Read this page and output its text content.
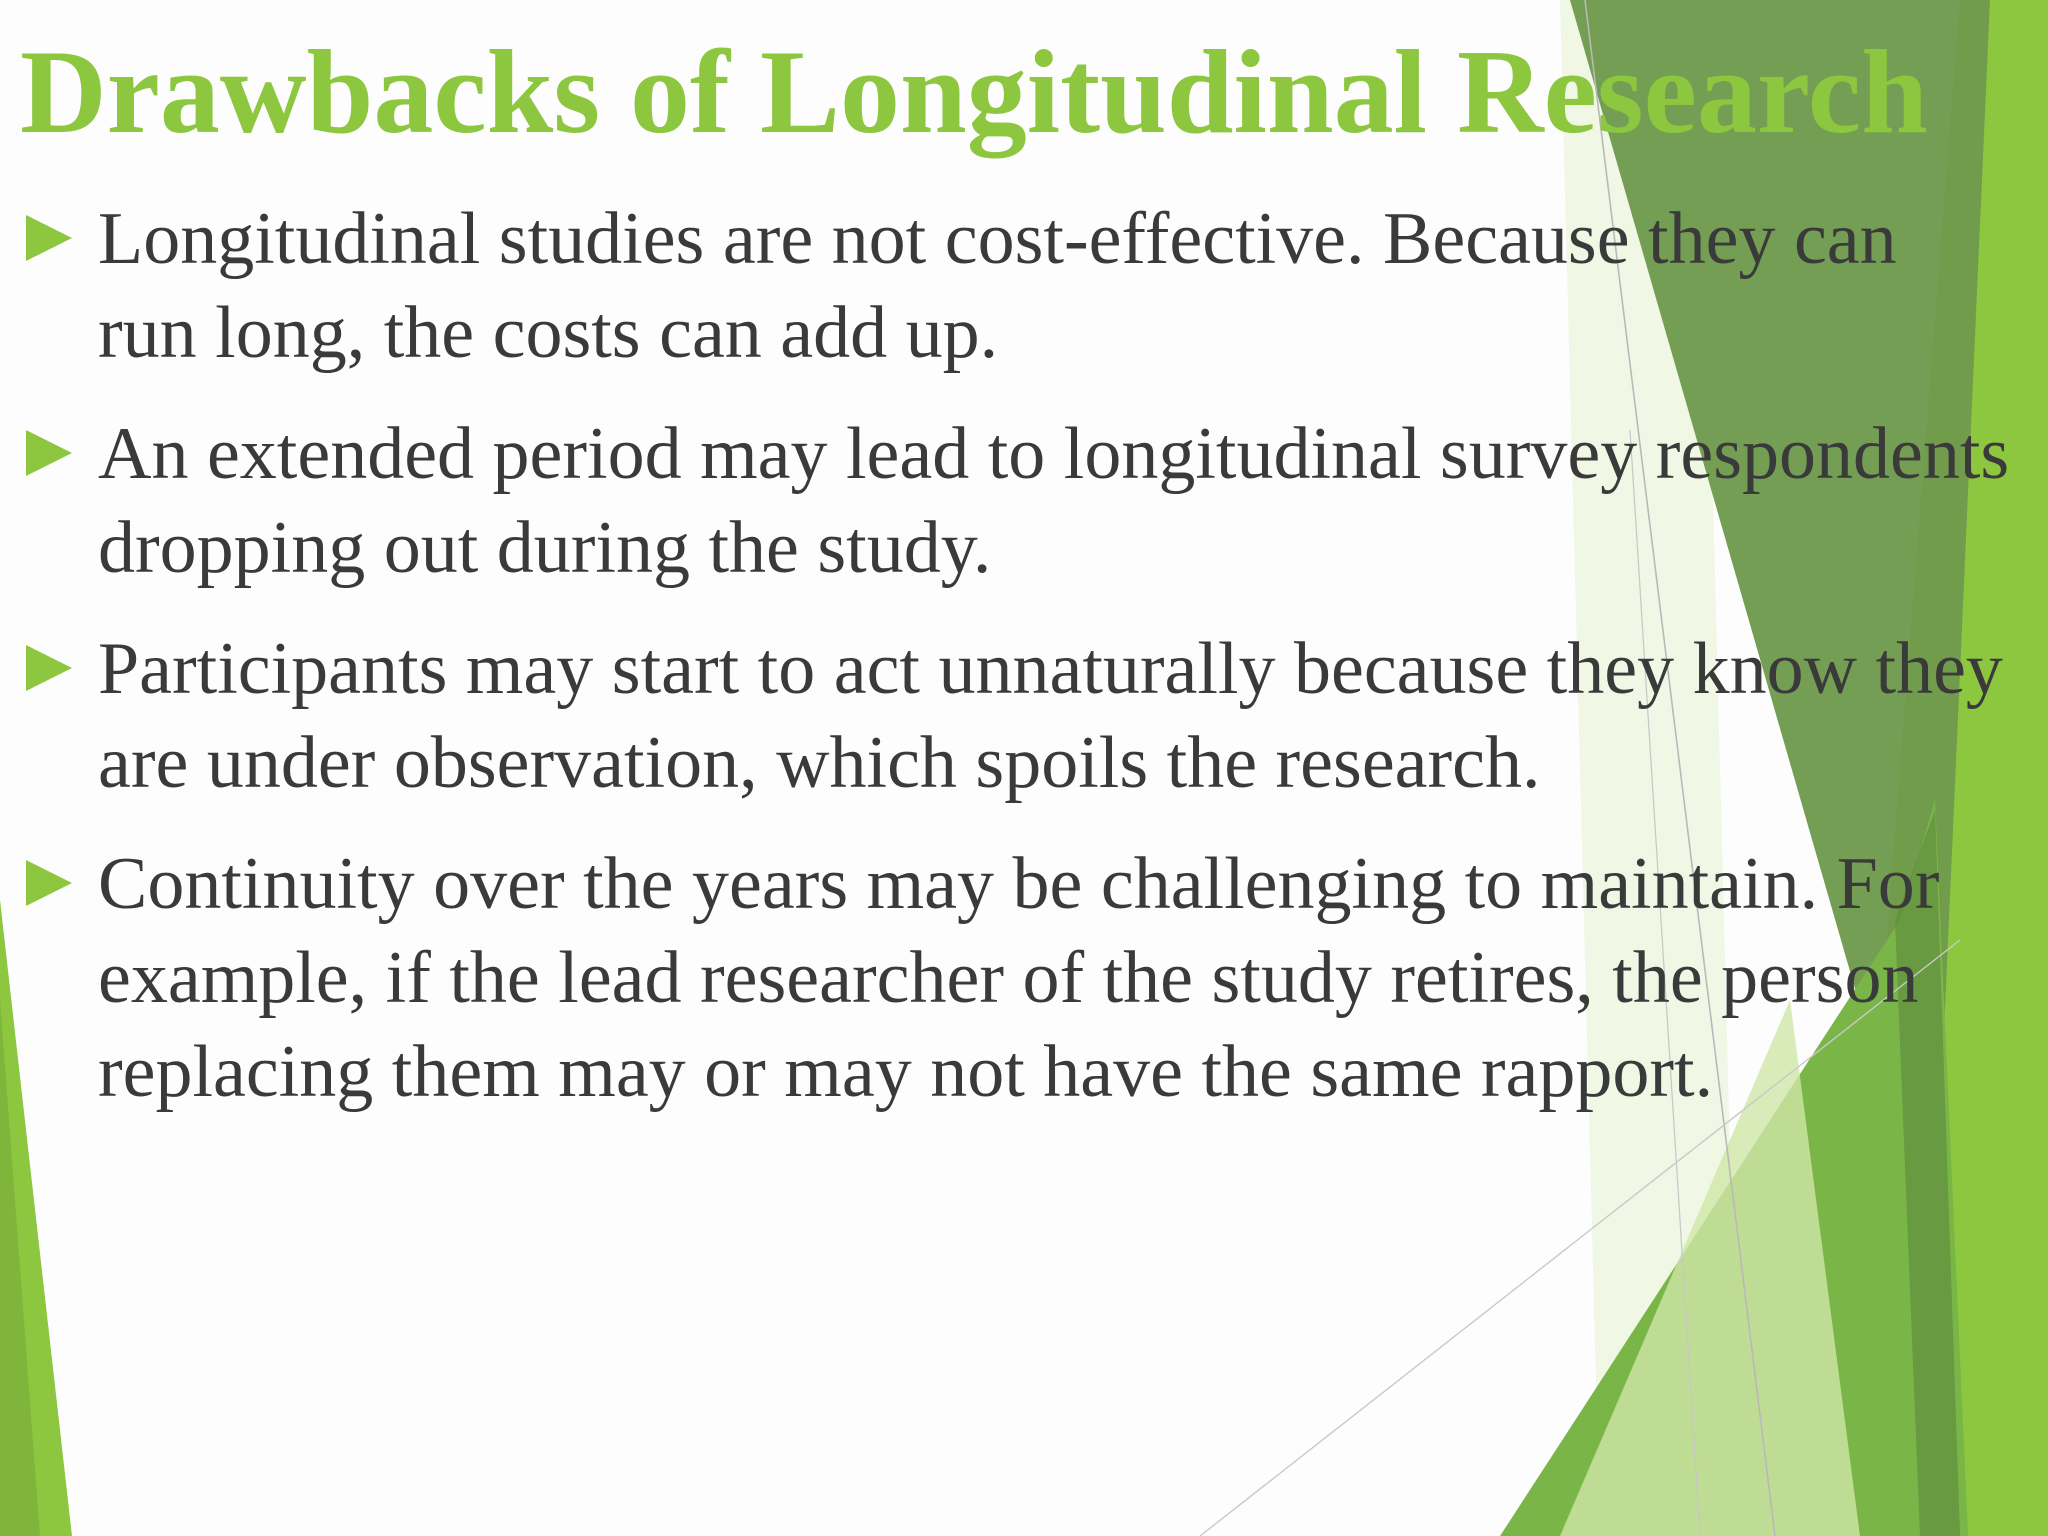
Drawbacks of Longitudinal Research
Longitudinal studies are not cost-effective. Because they can run long, the costs can add up.
An extended period may lead to longitudinal survey respondents dropping out during the study.
Participants may start to act unnaturally because they know they are under observation, which spoils the research.
Continuity over the years may be challenging to maintain. For example, if the lead researcher of the study retires, the person replacing them may or may not have the same rapport.
